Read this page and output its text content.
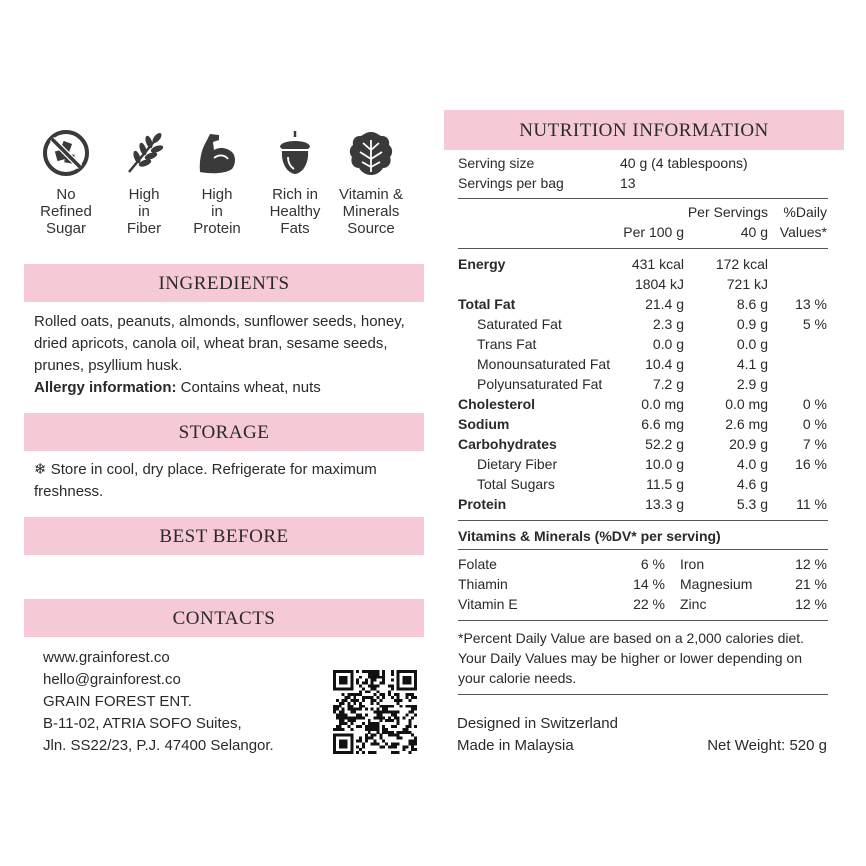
No
Refined
Sugar
High
in
Fiber
High
in
Protein
Rich in
Healthy
Fats
Vitamin &
Minerals
Source
INGREDIENTS
Rolled oats, peanuts, almonds, sunflower seeds, honey, dried apricots, canola oil, wheat bran, sesame seeds, prunes, psyllium husk.
Allergy information: Contains wheat, nuts
STORAGE
❄ Store in cool, dry place. Refrigerate for maximum freshness.
BEST BEFORE
CONTACTS
www.grainforest.co
hello@grainforest.co
GRAIN FOREST ENT.
B-11-02, ATRIA SOFO Suites,
Jln. SS22/23, P.J. 47400 Selangor.
NUTRITION INFORMATION
Serving size	40 g (4 tablespoons)
Servings per bag	13
Per Servings %Daily
Per 100 g	40 g Values*
Energy	431 kcal 172 kcal
1804 kJ	721 kJ
Total Fat	21.4 g	8.6 g 13 %
Saturated Fat	2.3 g	0.9 g 5 %
Trans Fat	0.0 g	0.0 g
Monounsaturated Fat 10.4 g	4.1 g
Polyunsaturated Fat	7.2 g	2.9 g
Cholesterol	0.0 mg	0.0 mg 0 %
Sodium	6.6 mg	2.6 mg 0 %
Carbohydrates	52.2 g	20.9 g 7 %
Dietary Fiber	10.0 g	4.0 g 16 %
Total Sugars	11.5 g	4.6 g
Protein	13.3 g	5.3 g 11 %
Vitamins & Minerals (%DV* per serving)
Folate	6 % Iron	12 %
Thiamin	14 % Magnesium	21 %
Vitamin E	22 % Zinc	12 %
*Percent Daily Value are based on a 2,000 calories diet. Your Daily Values may be higher or lower depending on your calorie needs.
Designed in Switzerland
Made in Malaysia	Net Weight: 520 g
